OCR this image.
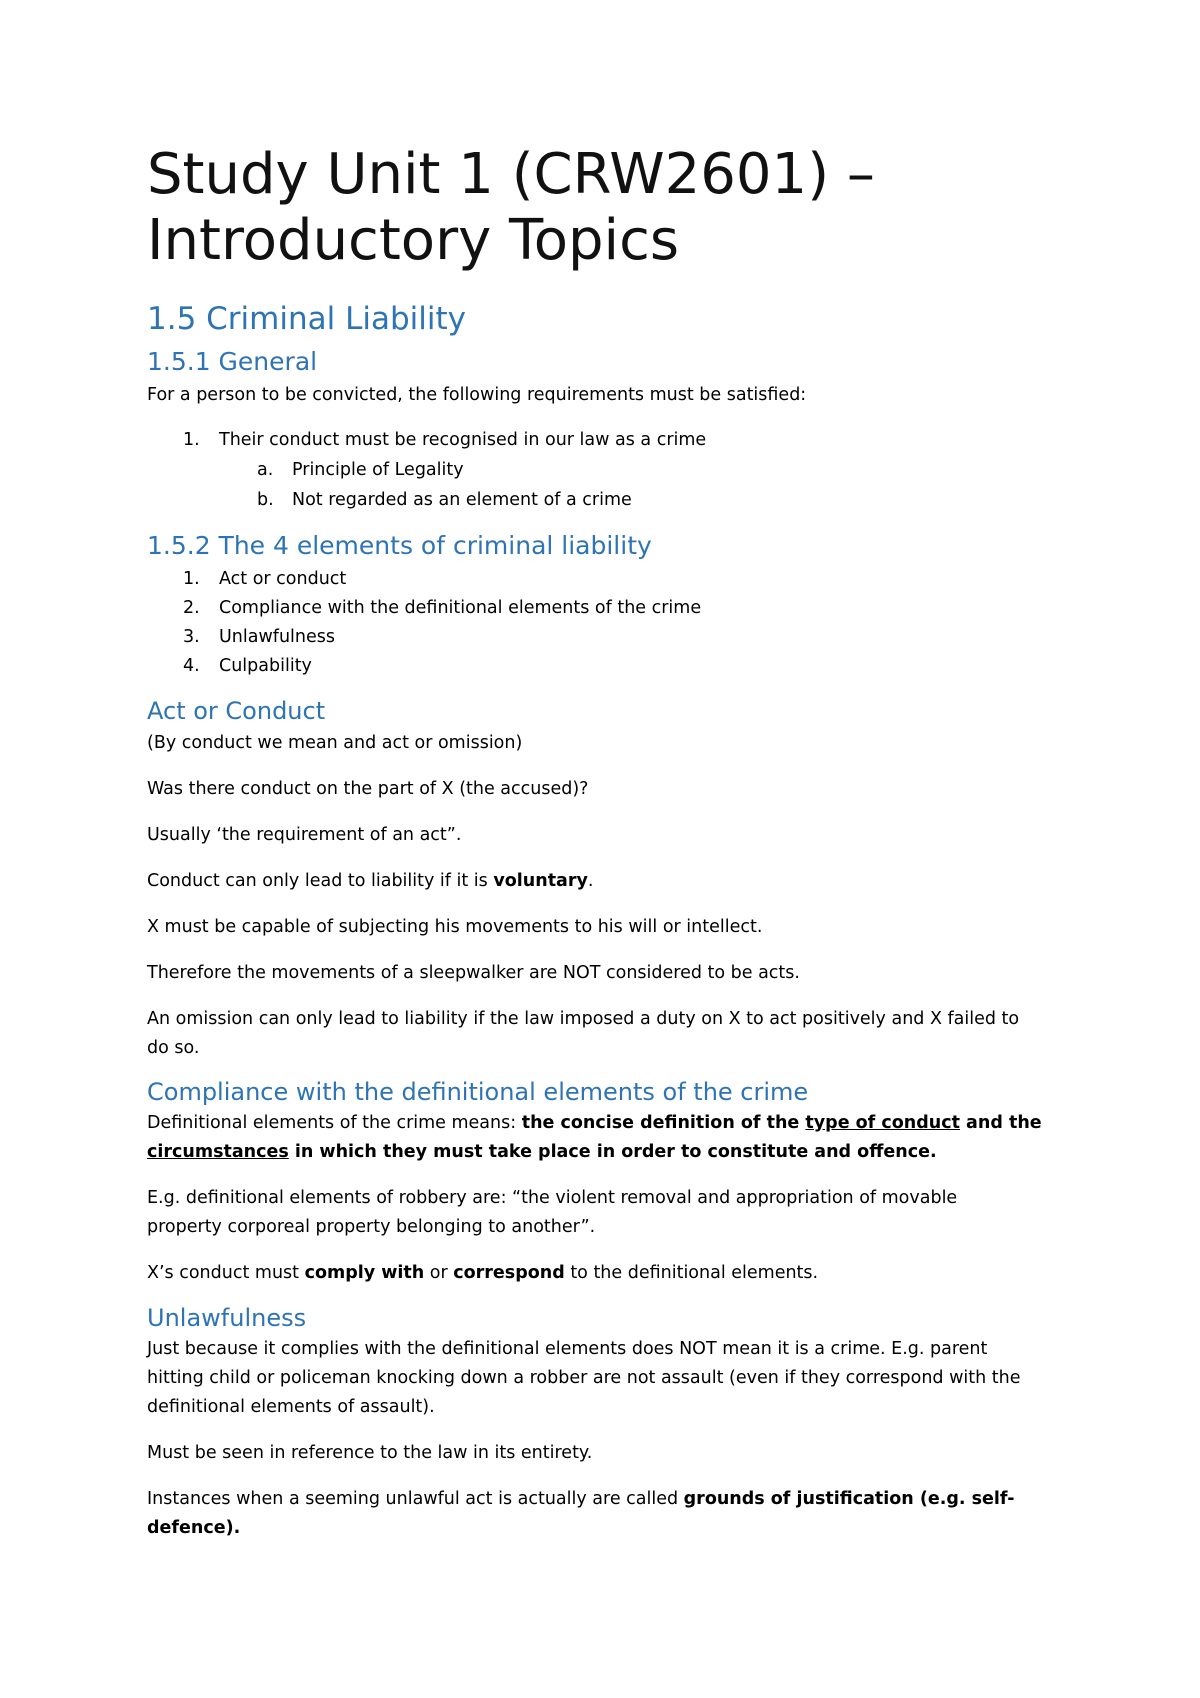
Study Unit 1 (CRW2601) –
Introductory Topics
1.5 Criminal Liability
1.5.1 General

For a person to be convicted, the following requirements must be satisfied:

1.	Their conduct must be recognised in our law as a crime
a.	Principle of Legality
b.	Not regarded as an element of a crime
1.5.2 The 4 elements of criminal liability
1.	Act or conduct
2.	Compliance with the definitional elements of the crime
3.	Unlawfulness
4.	Culpability
Act or Conduct

(By conduct we mean and act or omission)

Was there conduct on the part of X (the accused)?

Usually ‘the requirement of an act”.

Conduct can only lead to liability if it is voluntary.

X must be capable of subjecting his movements to his will or intellect.

Therefore the movements of a sleepwalker are NOT considered to be acts.

An omission can only lead to liability if the law imposed a duty on X to act positively and X failed to
do so.

Compliance with the definitional elements of the crime

Definitional elements of the crime means: the concise definition of the type of conduct and the
circumstances in which they must take place in order to constitute and offence.

E.g. definitional elements of robbery are: “the violent removal and appropriation of movable
property corporeal property belonging to another”.

X’s conduct must comply with or correspond to the definitional elements.

Unlawfulness

Just because it complies with the definitional elements does NOT mean it is a crime. E.g. parent
hitting child or policeman knocking down a robber are not assault (even if they correspond with the
definitional elements of assault).

Must be seen in reference to the law in its entirety.

Instances when a seeming unlawful act is actually are called grounds of justification (e.g. self-
defence).
